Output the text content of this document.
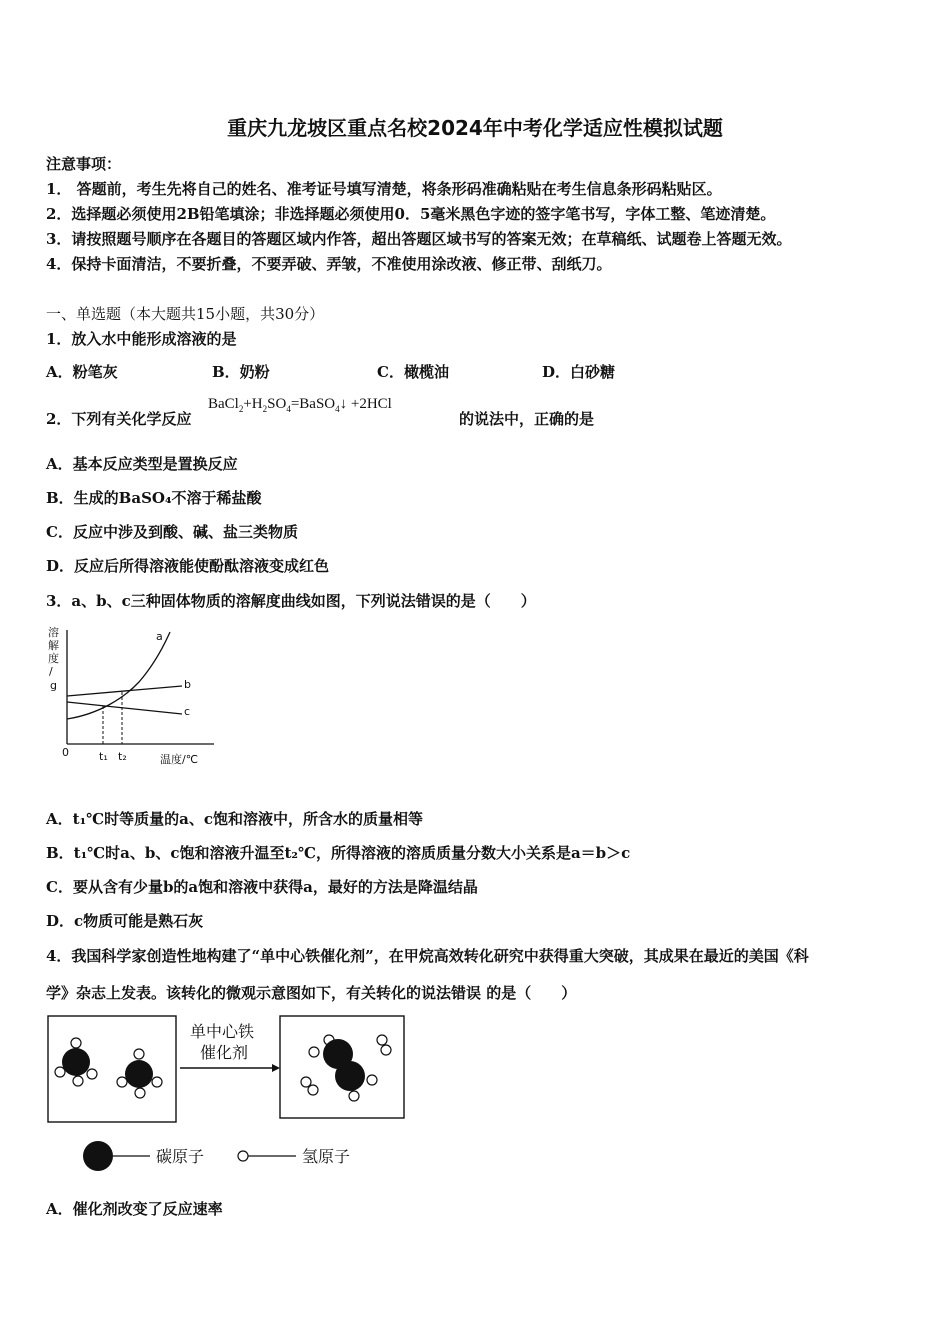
重庆九龙坡区重点名校2024年中考化学适应性模拟试题
注意事项：
1． 答题前，考生先将自己的姓名、准考证号填写清楚，将条形码准确粘贴在考生信息条形码粘贴区。
2．选择题必须使用2B铅笔填涂；非选择题必须使用0．5毫米黑色字迹的签字笔书写，字体工整、笔迹清楚。
3．请按照题号顺序在各题目的答题区域内作答，超出答题区域书写的答案无效；在草稿纸、试题卷上答题无效。
4．保持卡面清洁，不要折叠，不要弄破、弄皱，不准使用涂改液、修正带、刮纸刀。
一、单选题（本大题共15小题，共30分）
1．放入水中能形成溶液的是
A．粉笔灰	B．奶粉	C．橄榄油	D．白砂糖
2．下列有关化学反应
$BaCl_2+H_2SO_4=BaSO_4↓ +2HCl$
的说法中，正确的是
A．基本反应类型是置换反应
B．生成的BaSO₄不溶于稀盐酸
C．反应中涉及到酸、碱、盐三类物质
D．反应后所得溶液能使酚酞溶液变成红色
3．a、b、c三种固体物质的溶解度曲线如图，下列说法错误的是（　　）
溶
解
度
/
g
0	t₁ t₂	温度/℃
a
b
c
A．t₁℃时等质量的a、c饱和溶液中，所含水的质量相等
B．t₁℃时a、b、c饱和溶液升温至t₂℃，所得溶液的溶质质量分数大小关系是a＝b＞c
C．要从含有少量b的a饱和溶液中获得a，最好的方法是降温结晶
D．c物质可能是熟石灰
4．我国科学家创造性地构建了“单中心铁催化剂”，在甲烷高效转化研究中获得重大突破，其成果在最近的美国《科
学》杂志上发表。该转化的微观示意图如下，有关转化的说法错误 的是（　　）
单中心铁
催化剂
碳原子	氢原子
A．催化剂改变了反应速率
